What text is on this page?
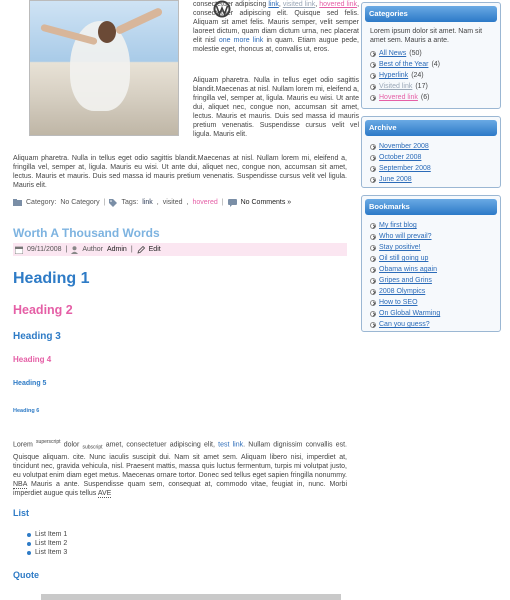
consectetuer adipiscing link, visited link, hovered link, consectetuer adipiscing elit. Quisque sed felis. Aliquam sit amet felis. Mauris semper, velit semper laoreet dictum, quam diam dictum urna, nec placerat elit nisl one more link in quam. Etiam augue pede, molestie eget, rhoncus at, convallis ut, eros.

Aliquam pharetra. Nulla in tellus eget odio sagittis blandit.Maecenas at nisl. Nullam lorem mi, eleifend a, fringilla vel, semper at, ligula. Mauris eu wisi. Ut ante dui, aliquet nec, congue non, accumsan sit amet, lectus. Mauris et mauris. Duis sed massa id mauris pretium venenatis. Suspendisse cursus velit vel ligula. Mauris elit.

Aliquam pharetra. Nulla in tellus eget odio sagittis blandit.Maecenas at nisl. Nullam lorem mi, eleifend a, fringilla vel, semper at, ligula. Mauris eu wisi. Ut ante dui, aliquet nec, congue non, accumsan sit amet, lectus. Mauris et mauris. Duis sed massa id mauris pretium venenatis. Suspendisse cursus velit vel ligula. Mauris elit.

Category: No Category | Tags: link , visited , hovered | No Comments »
Worth A Thousand Words
09/11/2008 | Author Admin | Edit
Heading 1
Heading 2
Heading 3
Heading 4
Heading 5
Heading 6

Lorem $^{superscript}$ dolor $_{subscript}$ amet, consectetuer adipiscing elit, test link. Nullam dignissim convallis est. Quisque aliquam. cite. Nunc iaculis suscipit dui. Nam sit amet sem. Aliquam libero nisi, imperdiet at, tincidunt nec, gravida vehicula, nisl. Praesent mattis, massa quis luctus fermentum, turpis mi volutpat justo, eu volutpat enim diam eget metus. Maecenas ornare tortor. Donec sed tellus eget sapien fringilla nonummy. NBA Mauris a ante. Suspendisse quam sem, consequat at, commodo vitae, feugiat in, nunc. Morbi imperdiet augue quis tellus AVE

List
List Item 1
List Item 2
List Item 3
Quote
Categories

Lorem ipsum dolor sit amet. Nam sit amet sem. Mauris a ante.

All News (50)
Best of the Year (4)
Hyperlink (24)
Visited link (17)
Hovered link (6)
Archive
November 2008
October 2008
September 2008
June 2008
Bookmarks
My first blog
Who will prevail?
Stay positive!
Oil still going up
Obama wins again
Gripes and Grins
2008 Olympics
How to SEO
On Global Warming
Can you guess?
